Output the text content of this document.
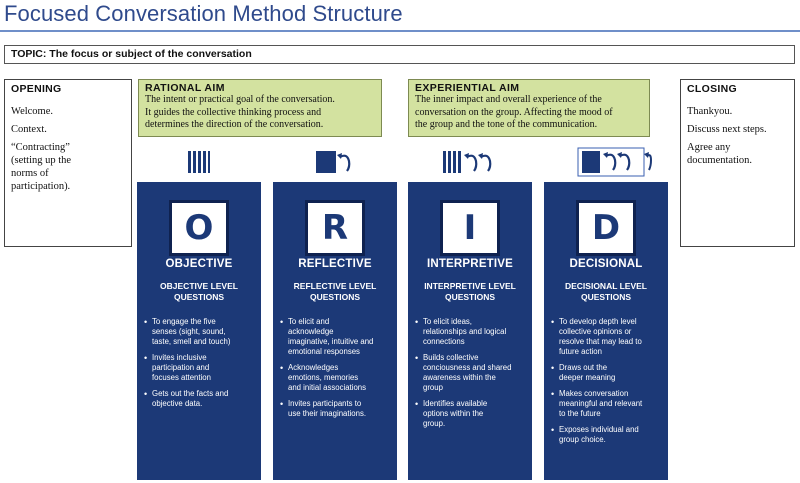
Focused Conversation Method Structure
TOPIC: The focus or subject of the conversation
OPENING
Welcome.
Context.
“Contracting”
(setting up the
norms of
participation).
CLOSING
Thankyou.
Discuss next steps.
Agree any
documentation.
RATIONAL AIM
The intent or practical goal of the conversation.
It guides the collective thinking process and
determines the direction of the conversation.
EXPERIENTIAL AIM
The inner impact and overall experience of the
conversation on the group. Affecting the mood of
the group and the tone of the communication.
O
OBJECTIVE
OBJECTIVE LEVEL
QUESTIONS
• To engage the five
senses (sight, sound,
taste, smell and touch)
• Invites inclusive
participation and
focuses attention
• Gets out the facts and
objective data.
R
REFLECTIVE
REFLECTIVE LEVEL
QUESTIONS
• To elicit and
acknowledge
imaginative, intuitive and
emotional responses
• Acknowledges
emotions, memories
and initial associations
• Invites participants to
use their imaginations.
I
INTERPRETIVE
INTERPRETIVE LEVEL
QUESTIONS
• To elicit ideas,
relationships and logical
connections
• Builds collective
conciousness and shared
awareness within the
group
• Identifies available
options within the
group.
D
DECISIONAL
DECISIONAL LEVEL
QUESTIONS
• To develop depth level
collective opinions or
resolve that may lead to
future action
• Draws out the
deeper meaning
• Makes conversation
meaningful and relevant
to the future
• Exposes individual and
group choice.
